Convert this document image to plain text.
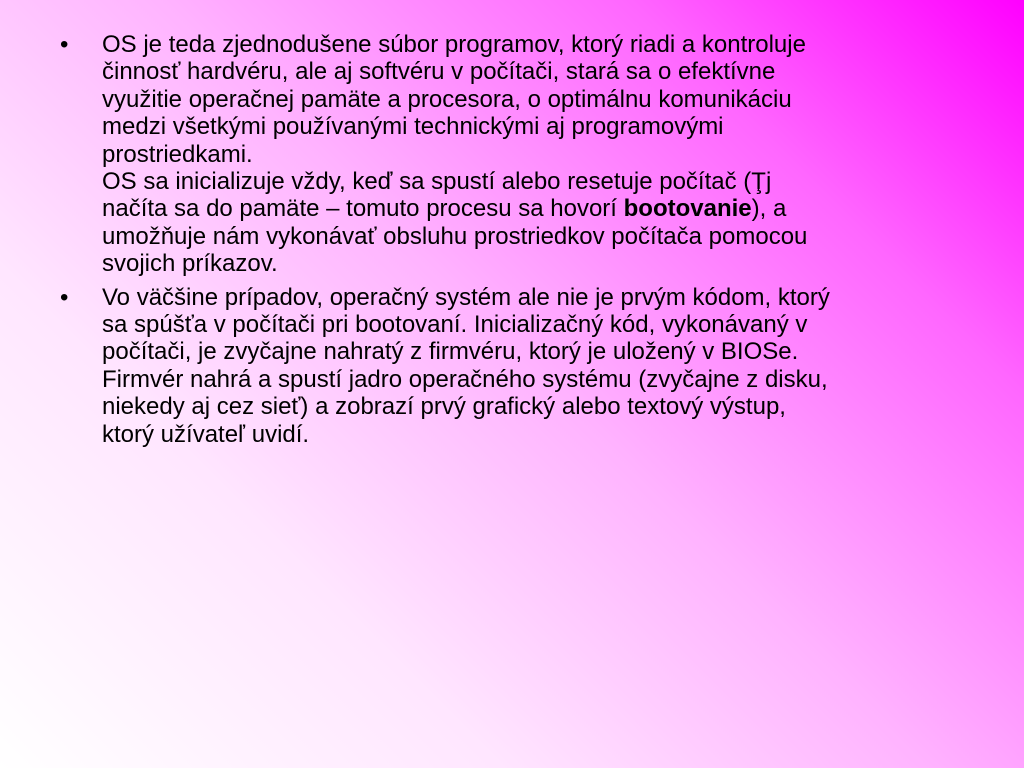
•	OS je teda zjednodušene súbor programov, ktorý riadi a kontroluje
činnosť hardvéru, ale aj softvéru v počítači, stará sa o efektívne
využitie operačnej pamäte a procesora, o optimálnu komunikáciu
medzi všetkými používanými technickými aj programovými
prostriedkami.
OS sa inicializuje vždy, keď sa spustí alebo resetuje počítač (Ţj
načíta sa do pamäte – tomuto procesu sa hovorí bootovanie), a
umožňuje nám vykonávať obsluhu prostriedkov počítača pomocou
svojich príkazov.
•	Vo väčšine prípadov, operačný systém ale nie je prvým kódom, ktorý
sa spúšťa v počítači pri bootovaní. Inicializačný kód, vykonávaný v
počítači, je zvyčajne nahratý z firmvéru, ktorý je uložený v BIOSe.
Firmvér nahrá a spustí jadro operačného systému (zvyčajne z disku,
niekedy aj cez sieť) a zobrazí prvý grafický alebo textový výstup,
ktorý užívateľ uvidí.
